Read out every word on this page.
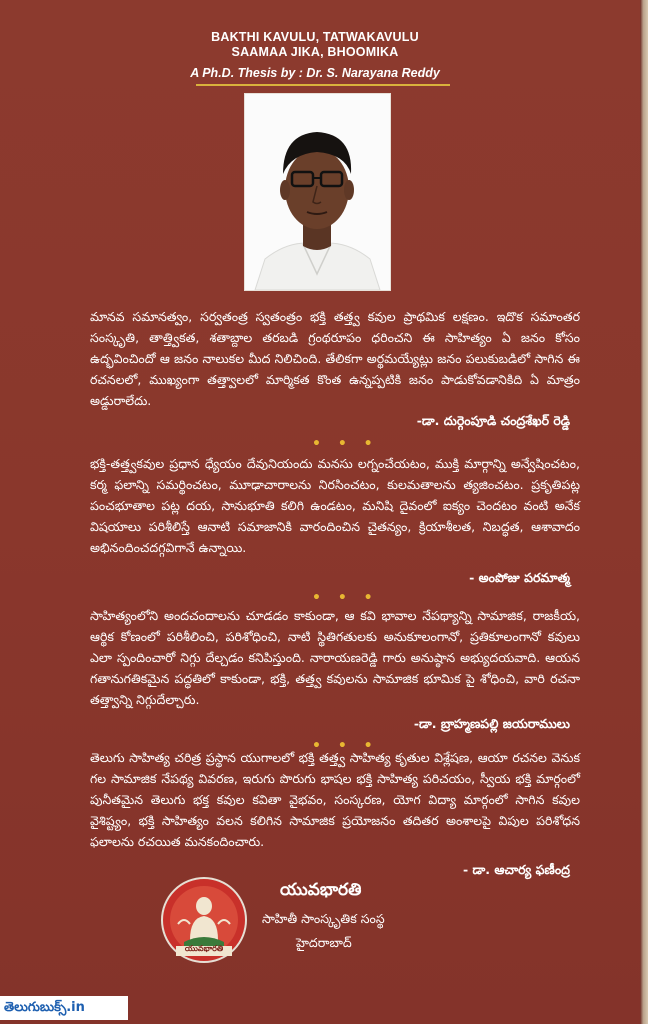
BAKTHI KAVULU, TATWAKAVULU
SAAMAA JIKA, BHOOMIKA
A Ph.D. Thesis by : Dr. S. Narayana Reddy

మానవ సమానత్వం, సర్వతంత్ర స్వతంత్రం భక్తి తత్త్వ కవుల ప్రాథమిక లక్షణం. ఇదొక సమాంతర సంస్కృతి, తాత్త్వికత, శతాబ్దాల తరబడి గ్రంథరూపం ధరించని ఈ సాహిత్యం ఏ జనం కోసం ఉద్భవించిందో ఆ జనం నాలుకల మీద నిలిచింది. తేలికగా అర్థమయ్యేట్లు జనం పలుకుబడిలో సాగిన ఈ రచనలలో, ముఖ్యంగా తత్త్వాలలో మార్మికత కొంత ఉన్నప్పటికి జనం పాడుకోవడానికిది ఏ మాత్రం అడ్డురాలేదు.

-డా. దుర్గెంపూడి చంద్రశేఖర్ రెడ్డి

• • •

భక్తి-తత్త్వకవుల ప్రధాన ధ్యేయం దేవునియందు మనసు లగ్నంచేయటం, ముక్తి మార్గాన్ని అన్వేషించటం, కర్మ ఫలాన్ని సమర్థించటం, మూఢాచారాలను నిరసించటం, కులమతాలను త్యజించటం. ప్రకృతిపట్ల పంచభూతాల పట్ల దయ, సానుభూతి కలిగి ఉండటం, మనిషి దైవంలో ఐక్యం చెందటం వంటి అనేక విషయాలు పరిశీలిస్తే ఆనాటి సమాజానికి వారందించిన చైతన్యం, క్రియాశీలత, నిబద్ధత, ఆశావాదం అభినందించదగ్గవిగానే ఉన్నాయి.

- అంపోజు పరమాత్మ

• • •

సాహిత్యంలోని అందచందాలను చూడడం కాకుండా, ఆ కవి భావాల నేపథ్యాన్ని సామాజిక, రాజకీయ, ఆర్థిక కోణంలో పరిశీలించి, పరిశోధించి, నాటి స్థితిగతులకు అనుకూలంగానో, ప్రతికూలంగానో కవులు ఎలా స్పందించారో నిగ్గు దేల్చడం కనిపిస్తుంది. నారాయణరెడ్డి గారు అనుష్ఠాన అభ్యుదయవాది. ఆయన గతానుగతికమైన పద్ధతిలో కాకుండా, భక్తి, తత్త్వ కవులను సామాజిక భూమిక పై శోధించి, వారి రచనా తత్త్వాన్ని నిగ్గుదేల్చారు.

-డా. బ్రాహ్మణపల్లి జయరాములు

• • •

తెలుగు సాహిత్య చరిత్ర ప్రస్థాన యుగాలలో భక్తి తత్త్వ సాహిత్య కృతుల విశ్లేషణ, ఆయా రచనల వెనుక గల సామాజిక నేపథ్య వివరణ, ఇరుగు పొరుగు భాషల భక్తి సాహిత్య పరిచయం, స్వీయ భక్తి మార్గంలో పునీతమైన తెలుగు భక్త కవుల కవితా వైభవం, సంస్కరణ, యోగ విద్యా మార్గంలో సాగిన కవుల వైశిష్ట్యం, భక్తి సాహిత్యం వలన కలిగిన సామాజిక ప్రయోజనం తదితర అంశాలపై విపుల పరిశోధన ఫలాలను రచయిత మనకందించారు.

- డా. ఆచార్య ఫణీంద్ర

యువభారతి
యువభారతి
సాహితీ సాంస్కృతిక సంస్థ
హైదరాబాద్
తెలుగుబుక్స్.in
